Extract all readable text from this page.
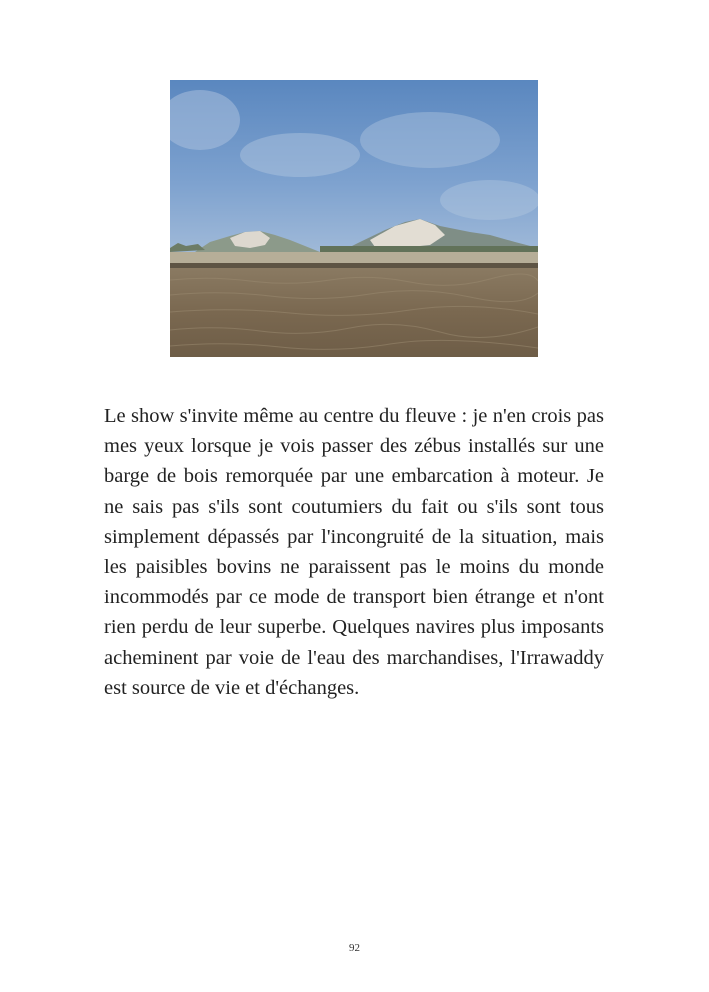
Le show s'invite même au centre du fleuve : je n'en crois pas mes yeux lorsque je vois passer des zébus installés sur une barge de bois remorquée par une embarcation à moteur. Je ne sais pas s'ils sont coutumiers du fait ou s'ils sont tous simplement dépassés par l'incongruité de la situation, mais les paisibles bovins ne paraissent pas le moins du monde incommodés par ce mode de transport bien étrange et n'ont rien perdu de leur superbe. Quelques navires plus imposants acheminent par voie de l'eau des marchandises, l'Irrawaddy est source de vie et d'échanges.

92
